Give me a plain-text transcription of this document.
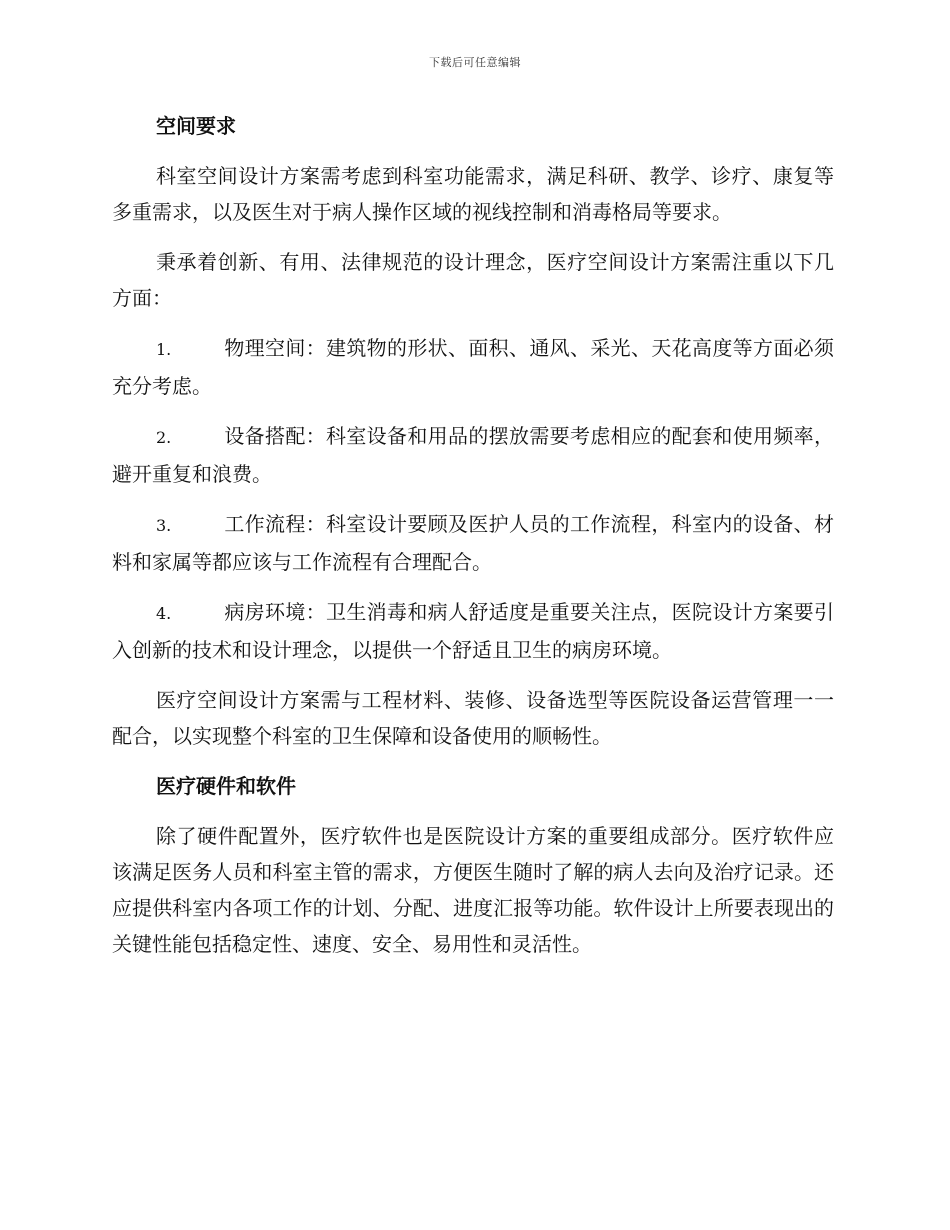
下载后可任意编辑
空间要求

科室空间设计方案需考虑到科室功能需求，满足科研、教学、诊疗、康复等多重需求，以及医生对于病人操作区域的视线控制和消毒格局等要求。

秉承着创新、有用、法律规范的设计理念，医疗空间设计方案需注重以下几方面：

1.	物理空间：建筑物的形状、面积、通风、采光、天花高度等方面必须充分考虑。

2.	设备搭配：科室设备和用品的摆放需要考虑相应的配套和使用频率，避开重复和浪费。

3.	工作流程：科室设计要顾及医护人员的工作流程，科室内的设备、材料和家属等都应该与工作流程有合理配合。

4.	病房环境：卫生消毒和病人舒适度是重要关注点，医院设计方案要引入创新的技术和设计理念，以提供一个舒适且卫生的病房环境。

医疗空间设计方案需与工程材料、装修、设备选型等医院设备运营管理一一配合，以实现整个科室的卫生保障和设备使用的顺畅性。

医疗硬件和软件

除了硬件配置外，医疗软件也是医院设计方案的重要组成部分。医疗软件应该满足医务人员和科室主管的需求，方便医生随时了解的病人去向及治疗记录。还应提供科室内各项工作的计划、分配、进度汇报等功能。软件设计上所要表现出的关键性能包括稳定性、速度、安全、易用性和灵活性。
